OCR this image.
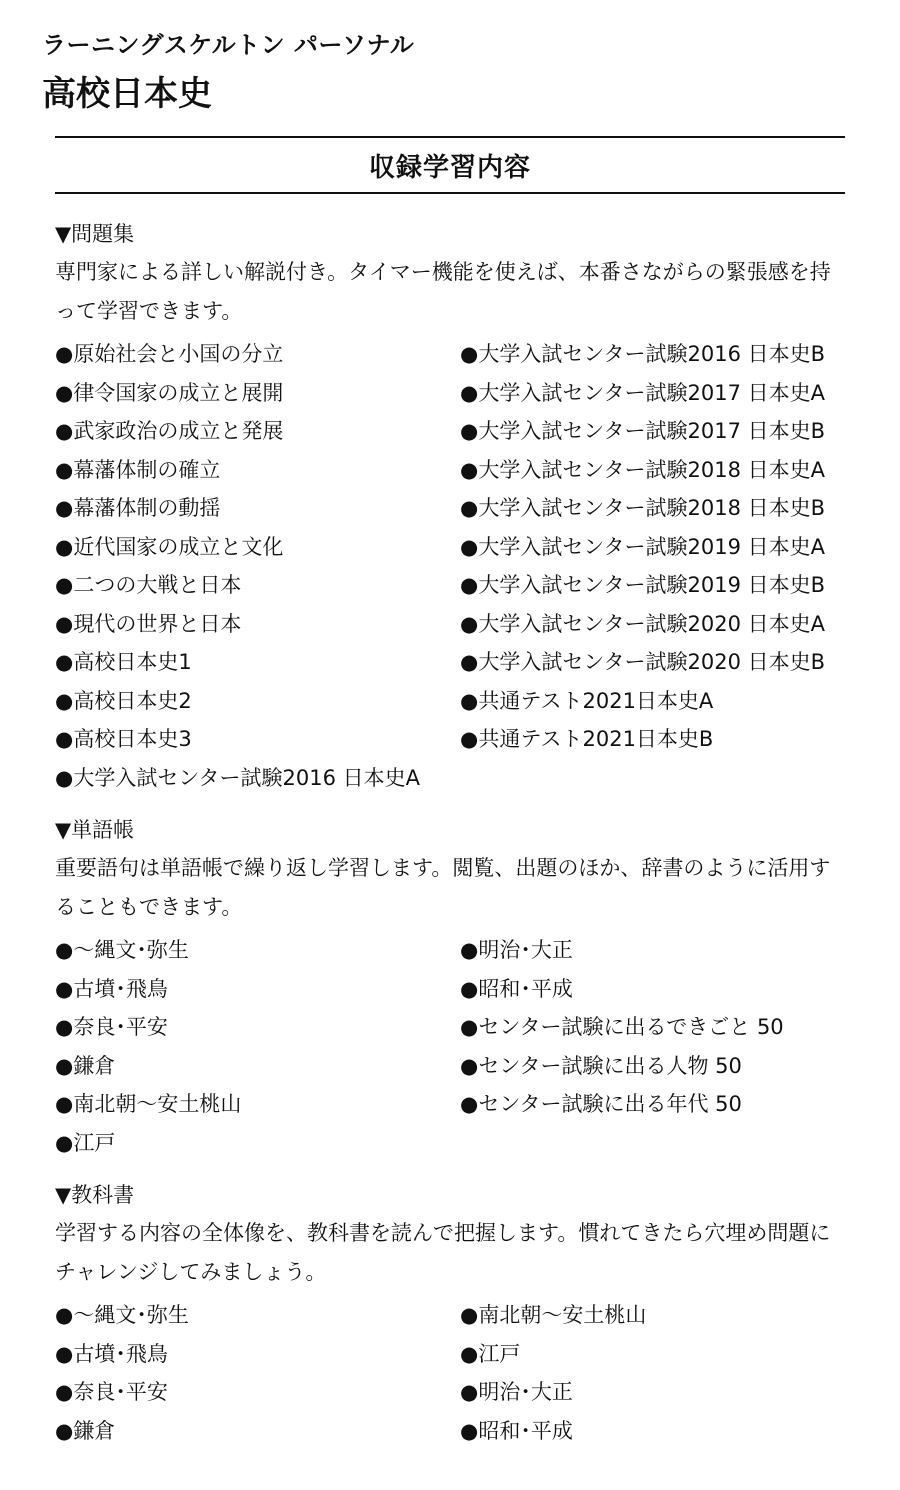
ラーニングスケルトン パーソナル
高校日本史
収録学習内容
▼問題集
専門家による詳しい解説付き。タイマー機能を使えば、本番さながらの緊張感を持って学習できます。
●原始社会と小国の分立
●律令国家の成立と展開
●武家政治の成立と発展
●幕藩体制の確立
●幕藩体制の動揺
●近代国家の成立と文化
●二つの大戦と日本
●現代の世界と日本
●高校日本史1
●高校日本史2
●高校日本史3
●大学入試センター試験2016 日本史A
●大学入試センター試験2016 日本史B
●大学入試センター試験2017 日本史A
●大学入試センター試験2017 日本史B
●大学入試センター試験2018 日本史A
●大学入試センター試験2018 日本史B
●大学入試センター試験2019 日本史A
●大学入試センター試験2019 日本史B
●大学入試センター試験2020 日本史A
●大学入試センター試験2020 日本史B
●共通テスト2021日本史A
●共通テスト2021日本史B
▼単語帳
重要語句は単語帳で繰り返し学習します。閲覧、出題のほか、辞書のように活用することもできます。
●～縄文･弥生
●古墳･飛鳥
●奈良･平安
●鎌倉
●南北朝～安土桃山
●江戸
●明治･大正
●昭和･平成
●センター試験に出るできごと 50
●センター試験に出る人物 50
●センター試験に出る年代 50
▼教科書
学習する内容の全体像を、教科書を読んで把握します。慣れてきたら穴埋め問題にチャレンジしてみましょう。
●～縄文･弥生
●古墳･飛鳥
●奈良･平安
●鎌倉
●南北朝～安土桃山
●江戸
●明治･大正
●昭和･平成
